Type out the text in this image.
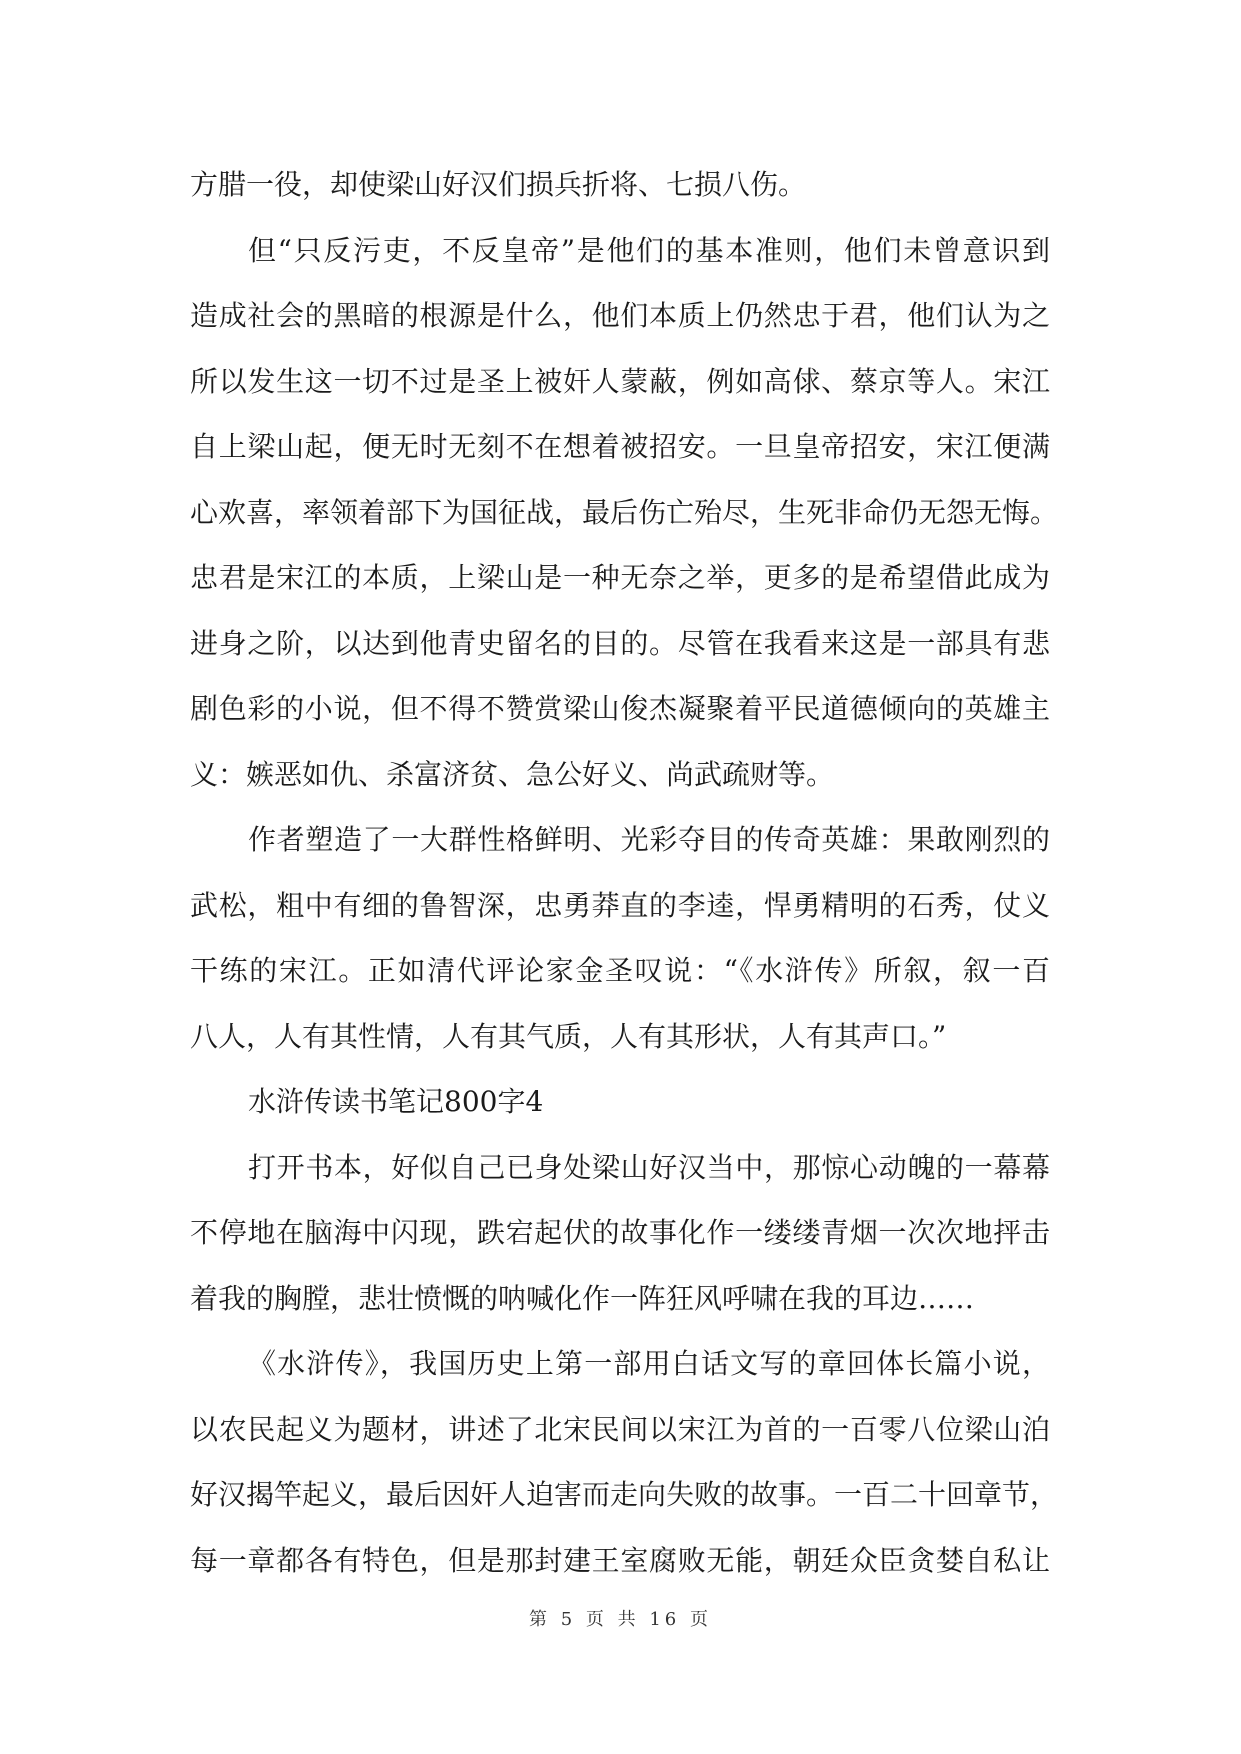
方腊一役，却使梁山好汉们损兵折将、七损八伤。
但“只反污吏，不反皇帝”是他们的基本准则，他们未曾意识到
造成社会的黑暗的根源是什么，他们本质上仍然忠于君，他们认为之
所以发生这一切不过是圣上被奸人蒙蔽，例如高俅、蔡京等人。宋江
自上梁山起，便无时无刻不在想着被招安。一旦皇帝招安，宋江便满
心欢喜，率领着部下为国征战，最后伤亡殆尽，生死非命仍无怨无悔。
忠君是宋江的本质，上梁山是一种无奈之举，更多的是希望借此成为
进身之阶，以达到他青史留名的目的。尽管在我看来这是一部具有悲
剧色彩的小说，但不得不赞赏梁山俊杰凝聚着平民道德倾向的英雄主
义：嫉恶如仇、杀富济贫、急公好义、尚武疏财等。
作者塑造了一大群性格鲜明、光彩夺目的传奇英雄：果敢刚烈的
武松，粗中有细的鲁智深，忠勇莽直的李逵，悍勇精明的石秀，仗义
干练的宋江。正如清代评论家金圣叹说：“《水浒传》所叙，叙一百
八人，人有其性情，人有其气质，人有其形状，人有其声口。”
水浒传读书笔记800字4
打开书本，好似自己已身处梁山好汉当中，那惊心动魄的一幕幕
不停地在脑海中闪现，跌宕起伏的故事化作一缕缕青烟一次次地抨击
着我的胸膛，悲壮愤慨的呐喊化作一阵狂风呼啸在我的耳边……
《水浒传》，我国历史上第一部用白话文写的章回体长篇小说，
以农民起义为题材，讲述了北宋民间以宋江为首的一百零八位梁山泊
好汉揭竿起义，最后因奸人迫害而走向失败的故事。一百二十回章节，
每一章都各有特色，但是那封建王室腐败无能，朝廷众臣贪婪自私让
第 5 页 共 16 页
